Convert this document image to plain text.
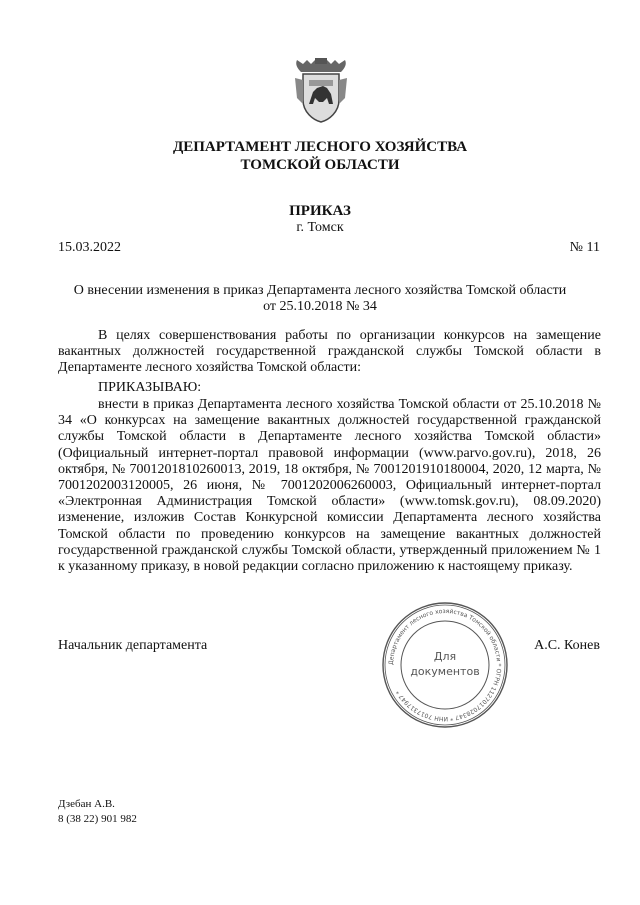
ДЕПАРТАМЕНТ ЛЕСНОГО ХОЗЯЙСТВА
ТОМСКОЙ ОБЛАСТИ
ПРИКАЗ
г. Томск
15.03.2022	№ 11
О внесении изменения в приказ Департамента лесного хозяйства Томской области
от 25.10.2018 № 34
В целях совершенствования работы по организации конкурсов на замещение вакантных должностей государственной гражданской службы Томской области в Департаменте лесного хозяйства Томской области:
ПРИКАЗЫВАЮ:
внести в приказ Департамента лесного хозяйства Томской области от 25.10.2018 № 34 «О конкурсах на замещение вакантных должностей государственной гражданской службы Томской области в Департаменте лесного хозяйства Томской области» (Официальный интернет-портал правовой информации (www.parvo.gov.ru), 2018, 26 октября, № 7001201810260013, 2019, 18 октября, № 7001201910180004, 2020, 12 марта, № 7001202003120005, 26 июня, № 7001202006260003, Официальный интернет-портал «Электронная Администрация Томской области» (www.tomsk.gov.ru), 08.09.2020) изменение, изложив Состав Конкурсной комиссии Департамента лесного хозяйства Томской области по проведению конкурсов на замещение вакантных должностей государственной гражданской службы Томской области, утвержденный приложением № 1 к указанному приказу, в новой редакции согласно приложению к настоящему приказу.
Начальник департамента	А.С. Конев
Департамент лесного хозяйства Томской области * ОГРН 1127017028347 * ИНН 7017317947 *
Для
документов
Дзебан А.В.
8 (38 22) 901 982
